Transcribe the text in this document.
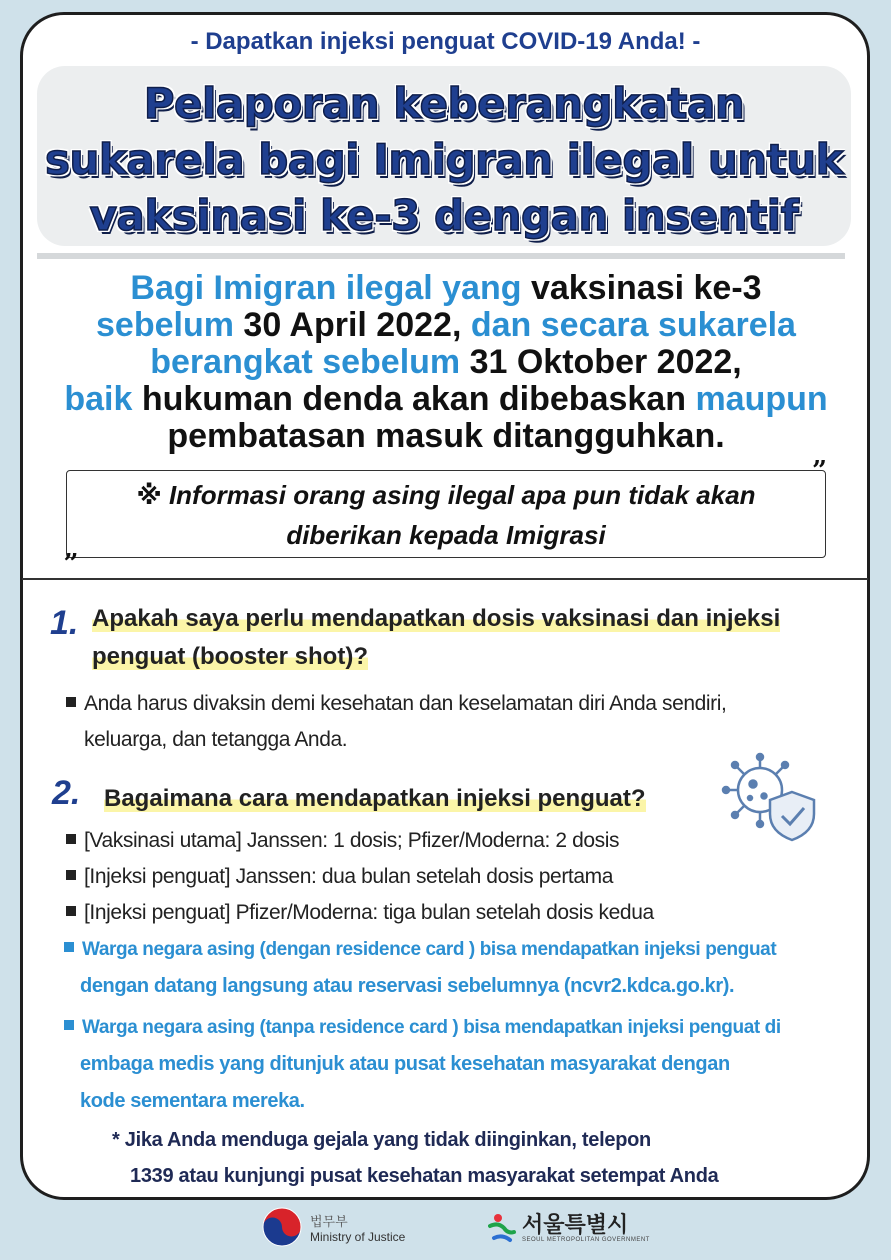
- Dapatkan injeksi penguat COVID-19 Anda! -
Pelaporan keberangkatan
sukarela bagi Imigran ilegal untuk
vaksinasi ke-3 dengan insentif
Bagi Imigran ilegal yang vaksinasi ke-3
sebelum 30 April 2022, dan secara sukarela
berangkat sebelum 31 Oktober 2022,
baik hukuman denda akan dibebaskan maupun
pembatasan masuk ditangguhkan.
※ Informasi orang asing ilegal apa pun tidak akan
diberikan kepada Imigrasi
”
„
1. Apakah saya perlu mendapatkan dosis vaksinasi dan injeksi
penguat (booster shot)?
Anda harus divaksin demi kesehatan dan keselamatan diri Anda sendiri,
keluarga, dan tetangga Anda.
2. Bagaimana cara mendapatkan injeksi penguat?
[Vaksinasi utama] Janssen: 1 dosis; Pfizer/Moderna: 2 dosis
[Injeksi penguat] Janssen: dua bulan setelah dosis pertama
[Injeksi penguat] Pfizer/Moderna: tiga bulan setelah dosis kedua
Warga negara asing (dengan residence card ) bisa mendapatkan injeksi penguat
dengan datang langsung atau reservasi sebelumnya (ncvr2.kdca.go.kr).
Warga negara asing (tanpa residence card ) bisa mendapatkan injeksi penguat di
embaga medis yang ditunjuk atau pusat kesehatan masyarakat dengan
kode sementara mereka.
* Jika Anda menduga gejala yang tidak diinginkan, telepon
1339 atau kunjungi pusat kesehatan masyarakat setempat Anda
법무부
Ministry of Justice	서울특별시
SEOUL METROPOLITAN GOVERNMENT
